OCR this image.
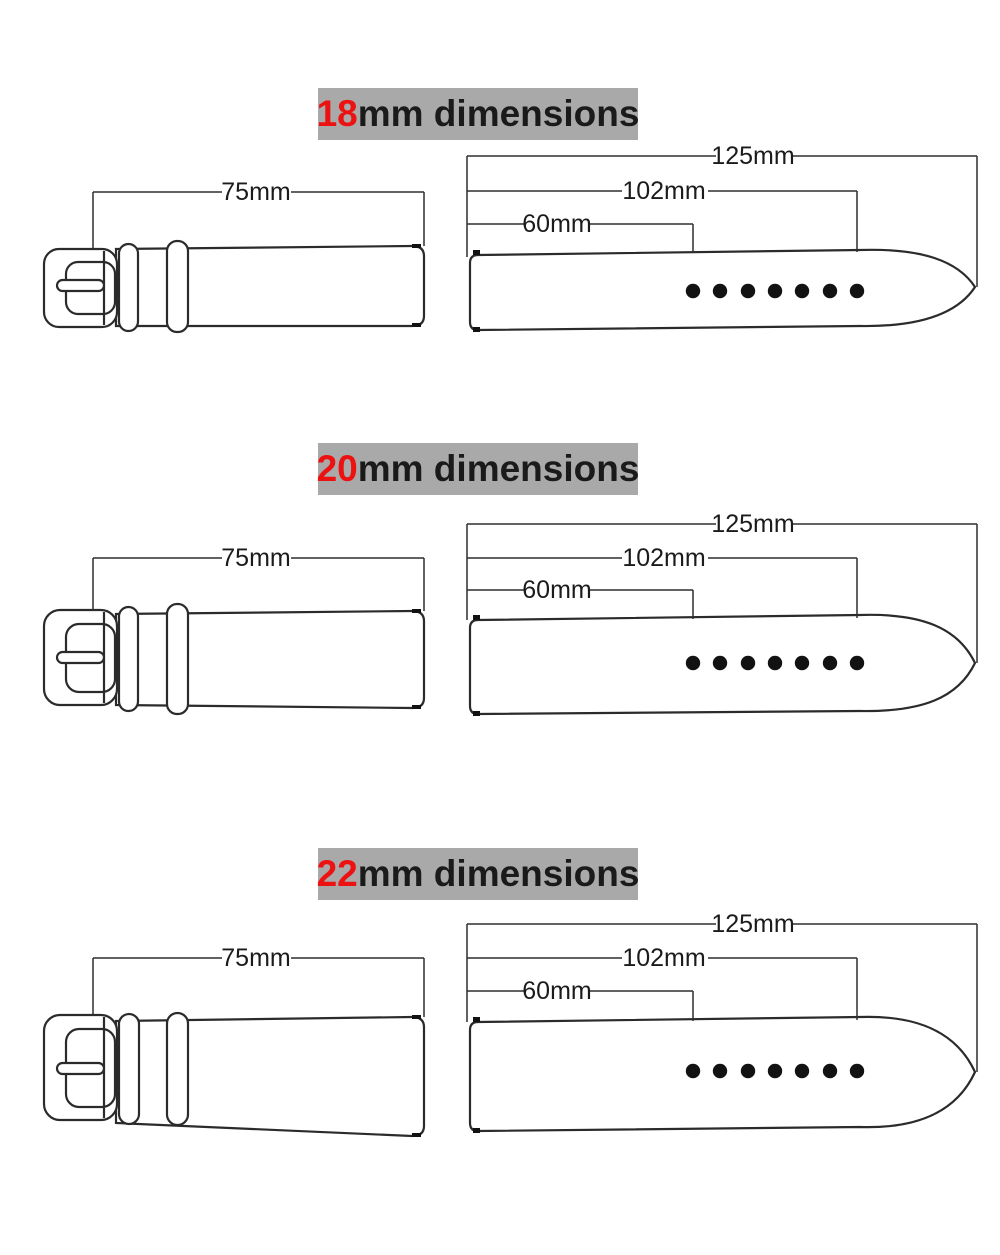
18 mm dimensions
75mm
125mm
102mm
60mm
20 mm dimensions
75mm
125mm
102mm
60mm
22 mm dimensions
75mm
125mm
102mm
60mm
